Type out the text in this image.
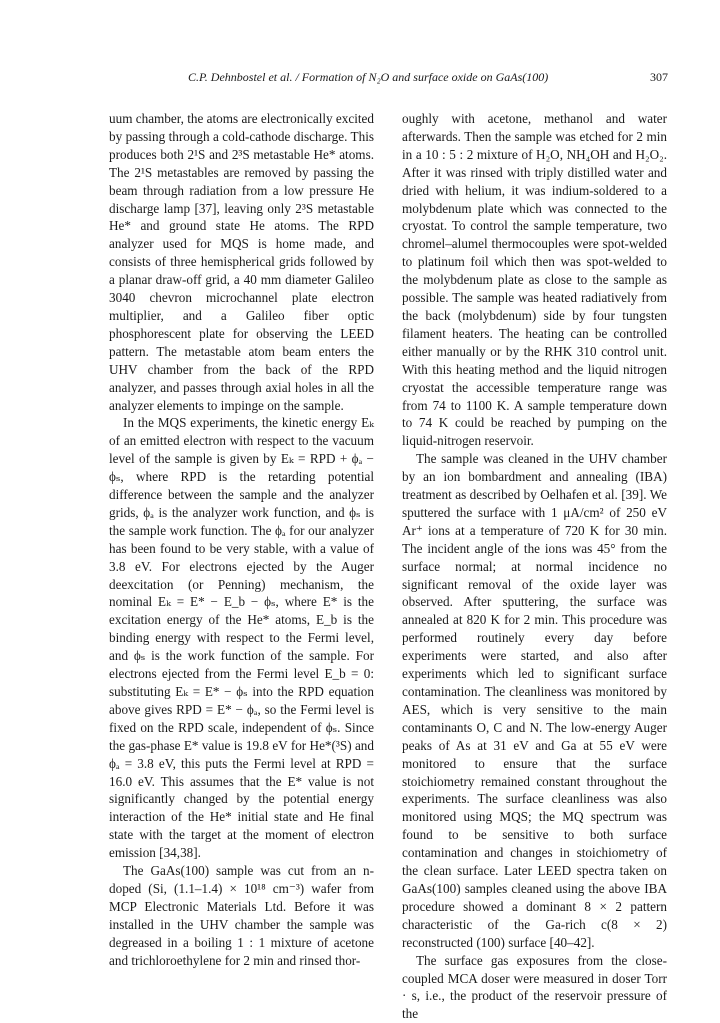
C.P. Dehnbostel et al. / Formation of N₂O and surface oxide on GaAs(100)	307

uum chamber, the atoms are electronically excited by passing through a cold-cathode discharge. This produces both 2¹S and 2³S metastable He* atoms. The 2¹S metastables are removed by passing the beam through radiation from a low pressure He discharge lamp [37], leaving only 2³S metastable He* and ground state He atoms. The RPD analyzer used for MQS is home made, and consists of three hemispherical grids followed by a planar draw-off grid, a 40 mm diameter Galileo 3040 chevron microchannel plate electron multiplier, and a Galileo fiber optic phosphorescent plate for observing the LEED pattern. The metastable atom beam enters the UHV chamber from the back of the RPD analyzer, and passes through axial holes in all the analyzer elements to impinge on the sample.

In the MQS experiments, the kinetic energy Eₖ of an emitted electron with respect to the vacuum level of the sample is given by Eₖ = RPD + ϕₐ − ϕₛ, where RPD is the retarding potential difference between the sample and the analyzer grids, ϕₐ is the analyzer work function, and ϕₛ is the sample work function. The ϕₐ for our analyzer has been found to be very stable, with a value of 3.8 eV. For electrons ejected by the Auger deexcitation (or Penning) mechanism, the nominal Eₖ = E* − E_b − ϕₛ, where E* is the excitation energy of the He* atoms, E_b is the binding energy with respect to the Fermi level, and ϕₛ is the work function of the sample. For electrons ejected from the Fermi level E_b = 0: substituting Eₖ = E* − ϕₛ into the RPD equation above gives RPD = E* − ϕₐ, so the Fermi level is fixed on the RPD scale, independent of ϕₛ. Since the gas-phase E* value is 19.8 eV for He*(³S) and ϕₐ = 3.8 eV, this puts the Fermi level at RPD = 16.0 eV. This assumes that the E* value is not significantly changed by the potential energy interaction of the He* initial state and He final state with the target at the moment of electron emission [34,38].

The GaAs(100) sample was cut from an n-doped (Si, (1.1–1.4) × 10¹⁸ cm⁻³) wafer from MCP Electronic Materials Ltd. Before it was installed in the UHV chamber the sample was degreased in a boiling 1 : 1 mixture of acetone and trichloroethylene for 2 min and rinsed thor-

oughly with acetone, methanol and water afterwards. Then the sample was etched for 2 min in a 10 : 5 : 2 mixture of H₂O, NH₄OH and H₂O₂. After it was rinsed with triply distilled water and dried with helium, it was indium-soldered to a molybdenum plate which was connected to the cryostat. To control the sample temperature, two chromel–alumel thermocouples were spot-welded to platinum foil which then was spot-welded to the molybdenum plate as close to the sample as possible. The sample was heated radiatively from the back (molybdenum) side by four tungsten filament heaters. The heating can be controlled either manually or by the RHK 310 control unit. With this heating method and the liquid nitrogen cryostat the accessible temperature range was from 74 to 1100 K. A sample temperature down to 74 K could be reached by pumping on the liquid-nitrogen reservoir.

The sample was cleaned in the UHV chamber by an ion bombardment and annealing (IBA) treatment as described by Oelhafen et al. [39]. We sputtered the surface with 1 μA/cm² of 250 eV Ar⁺ ions at a temperature of 720 K for 30 min. The incident angle of the ions was 45° from the surface normal; at normal incidence no significant removal of the oxide layer was observed. After sputtering, the surface was annealed at 820 K for 2 min. This procedure was performed routinely every day before experiments were started, and also after experiments which led to significant surface contamination. The cleanliness was monitored by AES, which is very sensitive to the main contaminants O, C and N. The low-energy Auger peaks of As at 31 eV and Ga at 55 eV were monitored to ensure that the surface stoichiometry remained constant throughout the experiments. The surface cleanliness was also monitored using MQS; the MQ spectrum was found to be sensitive to both surface contamination and changes in stoichiometry of the clean surface. Later LEED spectra taken on GaAs(100) samples cleaned using the above IBA procedure showed a dominant 8 × 2 pattern characteristic of the Ga-rich c(8 × 2) reconstructed (100) surface [40–42].

The surface gas exposures from the close-coupled MCA doser were measured in doser Torr · s, i.e., the product of the reservoir pressure of the
